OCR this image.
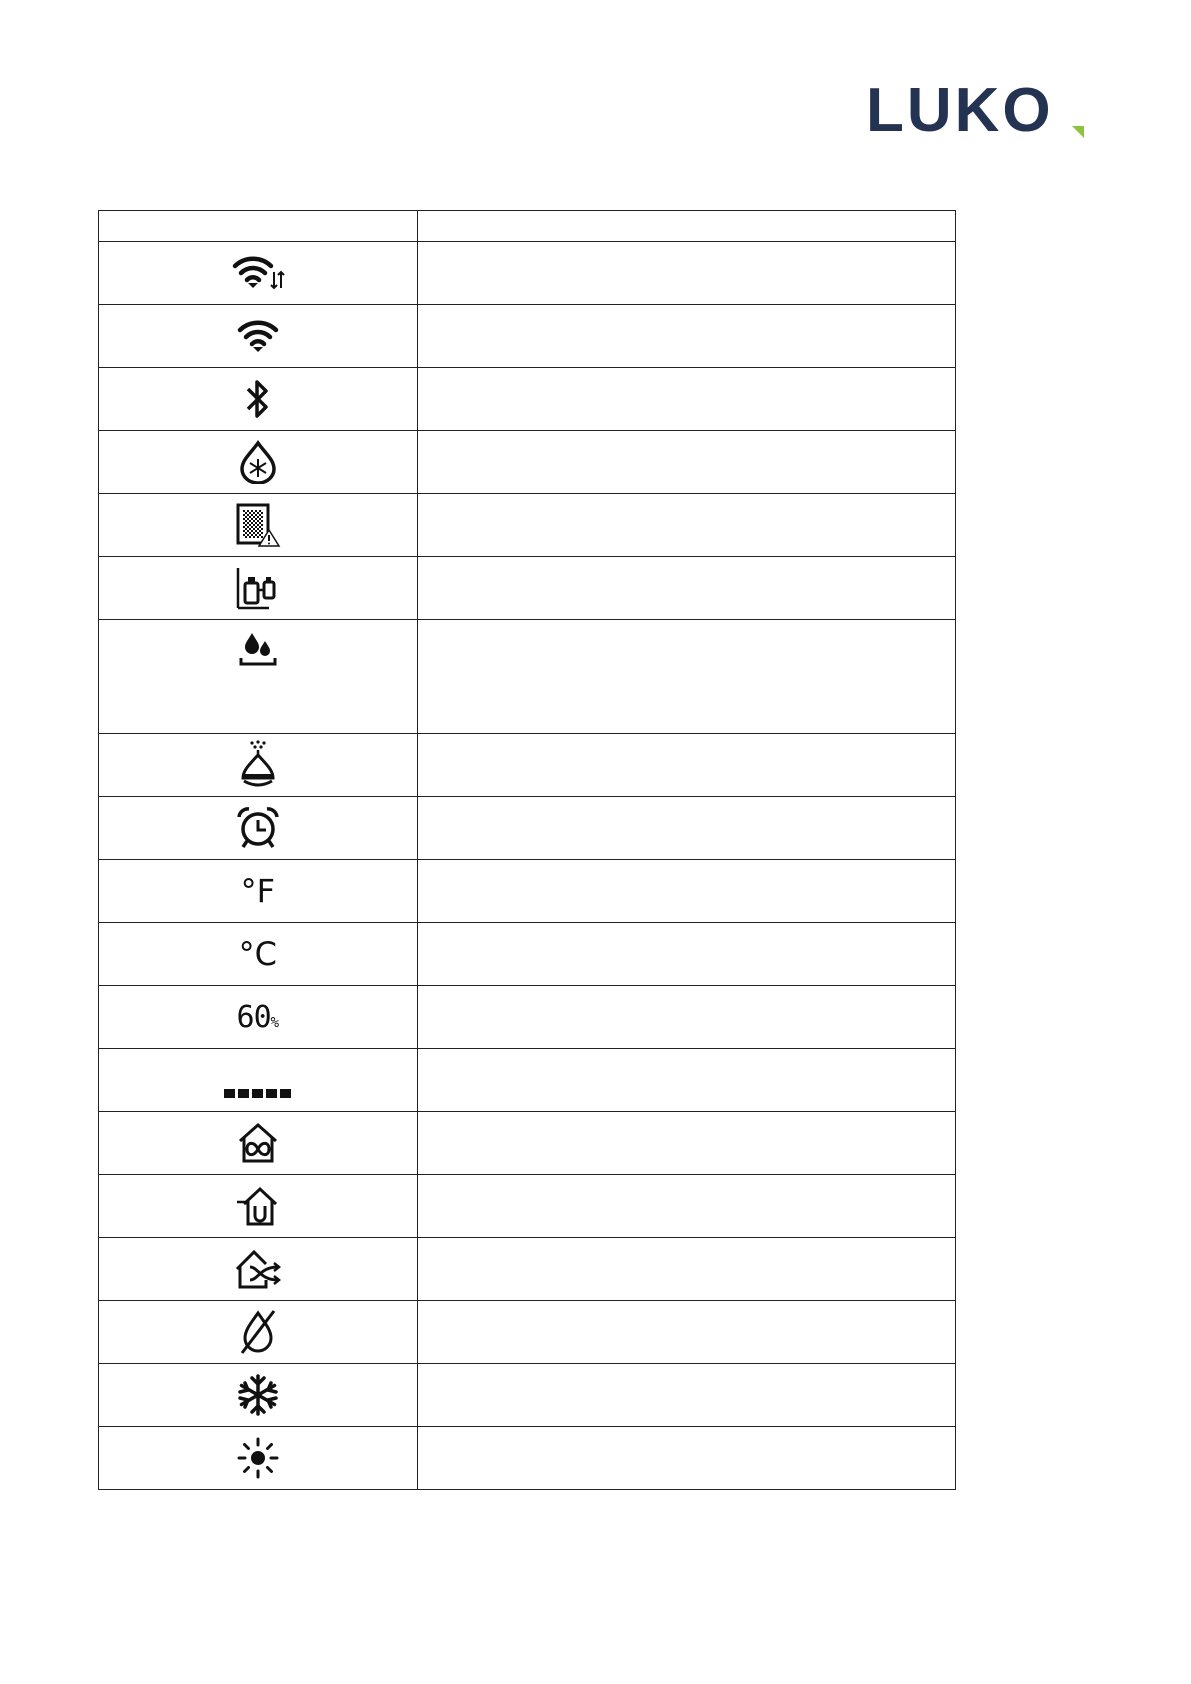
LUKO

°F	
°C	
60%	
